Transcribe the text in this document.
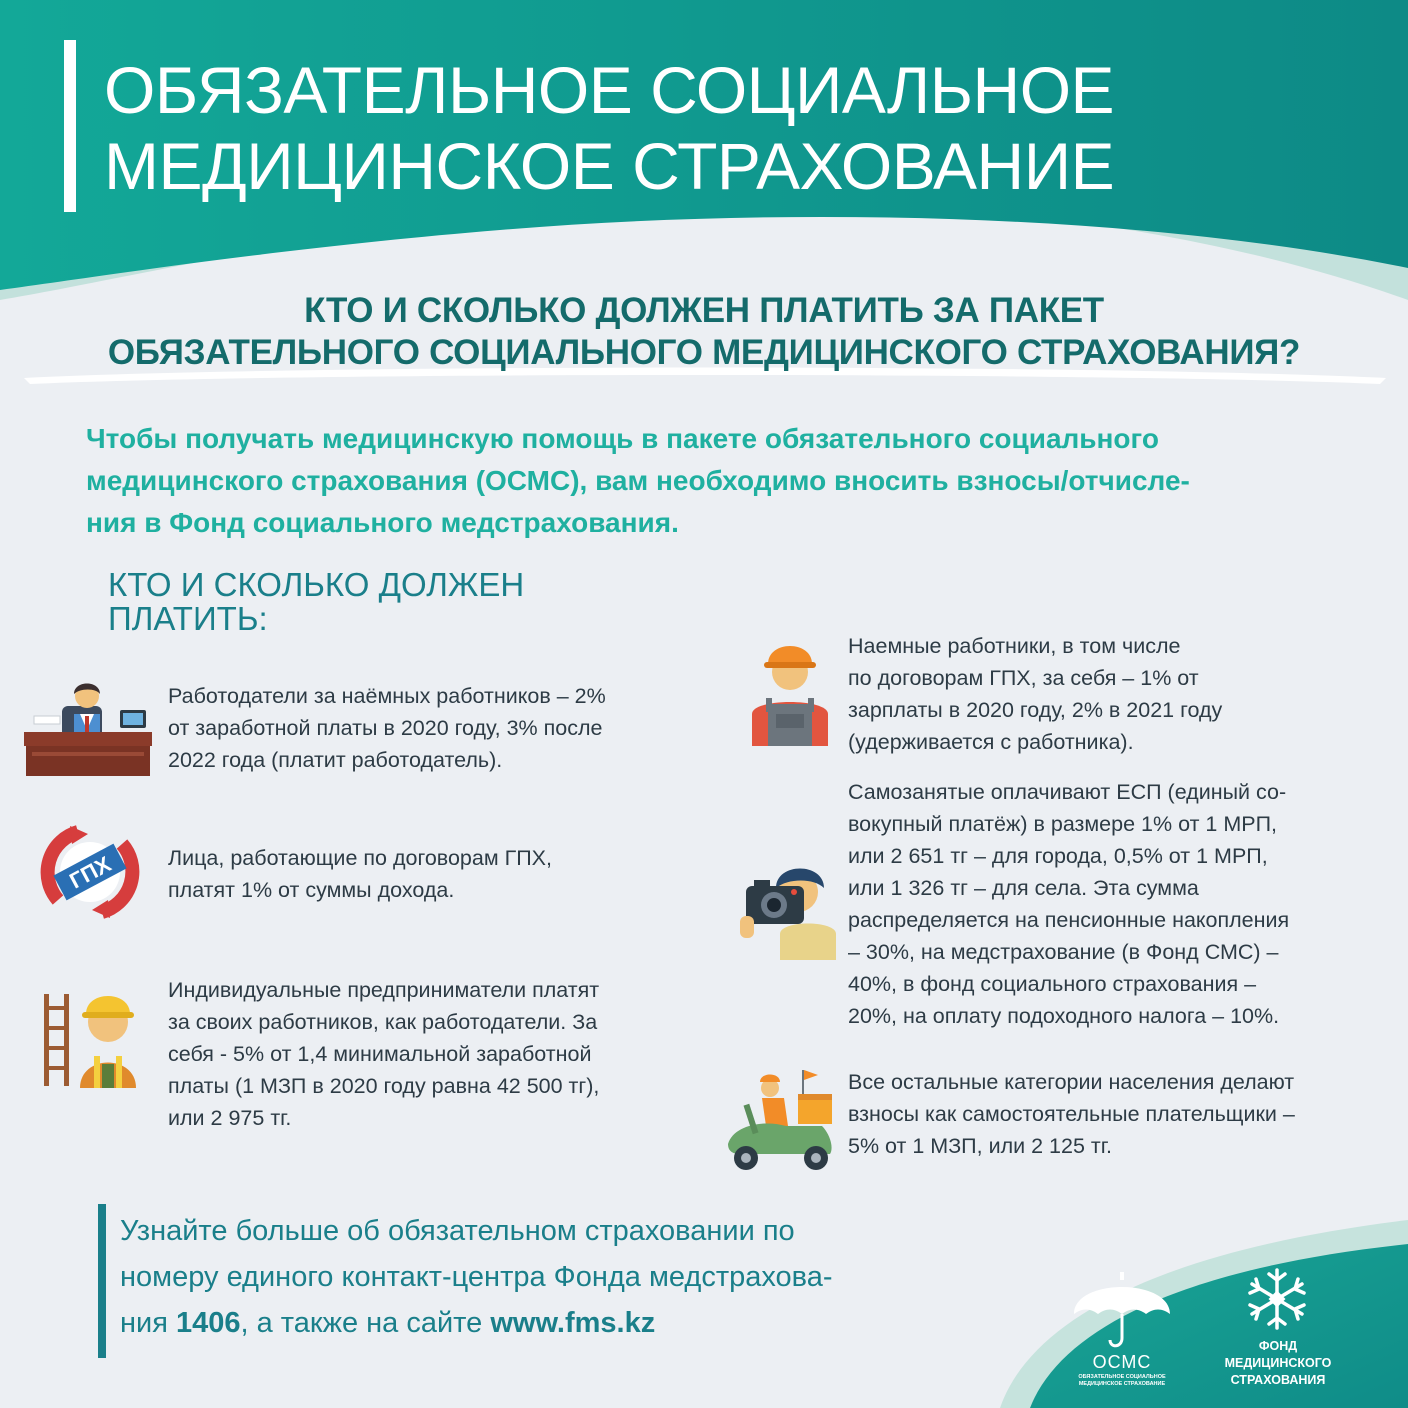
ОБЯЗАТЕЛЬНОЕ СОЦИАЛЬНОЕ
МЕДИЦИНСКОЕ СТРАХОВАНИЕ
КТО И СКОЛЬКО ДОЛЖЕН ПЛАТИТЬ ЗА ПАКЕТ
ОБЯЗАТЕЛЬНОГО СОЦИАЛЬНОГО МЕДИЦИНСКОГО СТРАХОВАНИЯ?

Чтобы получать медицинскую помощь в пакете обязательного социального
медицинского страхования (ОСМС), вам необходимо вносить взносы/отчисле-
ния в Фонд социального медстрахования.

КТО И СКОЛЬКО ДОЛЖЕН
ПЛАТИТЬ:

Работодатели за наёмных работников – 2%
от заработной платы в 2020 году, 3% после
2022 года (платит работодатель).

ГПХ Лица, работающие по договорам ГПХ,
платят 1% от суммы дохода.

Индивидуальные предприниматели платят
за своих работников, как работодатели. За
себя - 5% от 1,4 минимальной заработной
платы (1 МЗП в 2020 году равна 42 500 тг),
или 2 975 тг.

Наемные работники, в том числе
по договорам ГПХ, за себя – 1% от
зарплаты в 2020 году, 2% в 2021 году
(удерживается с работника).

Самозанятые оплачивают ЕСП (единый со-
вокупный платёж) в размере 1% от 1 МРП,
или 2 651 тг – для города, 0,5% от 1 МРП,
или 1 326 тг – для села. Эта сумма
распределяется на пенсионные накопления
– 30%, на медстрахование (в Фонд СМС) –
40%, в фонд социального страхования –
20%, на оплату подоходного налога – 10%.

Все остальные категории населения делают
взносы как самостоятельные плательщики –
5% от 1 МЗП, или 2 125 тг.

Узнайте больше об обязательном страховании по
номеру единого контакт-центра Фонда медстрахова-
ния 1406, а также на сайте www.fms.kz

ОСМС

ОБЯЗАТЕЛЬНОЕ СОЦИАЛЬНОЕ
МЕДИЦИНСКОЕ СТРАХОВАНИЕ

ФОНД
МЕДИЦИНСКОГО
СТРАХОВАНИЯ
